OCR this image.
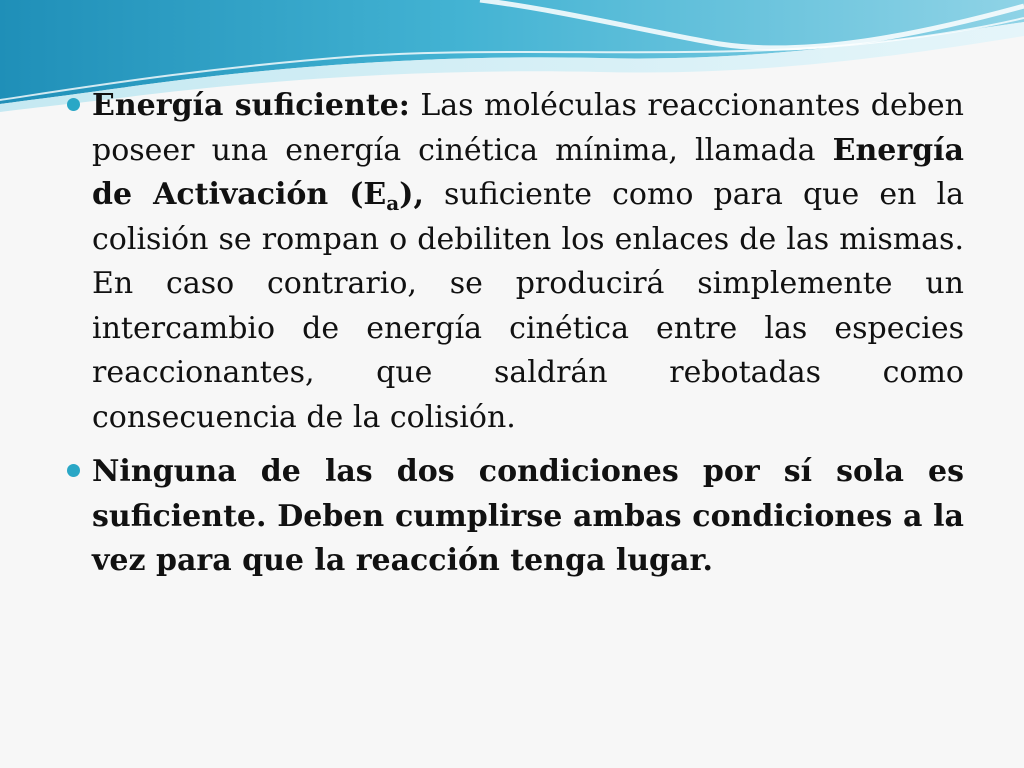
Energía suficiente: Las moléculas reaccionantes deben poseer una energía cinética mínima, llamada Energía de Activación $(E_a)$, suficiente como para que en la colisión se rompan o debiliten los enlaces de las mismas. En caso contrario, se producirá simplemente un intercambio de energía cinética entre las especies reaccionantes, que saldrán rebotadas como consecuencia de la colisión.

Ninguna de las dos condiciones por sí sola es suficiente. Deben cumplirse ambas condiciones a la vez para que la reacción tenga lugar.
